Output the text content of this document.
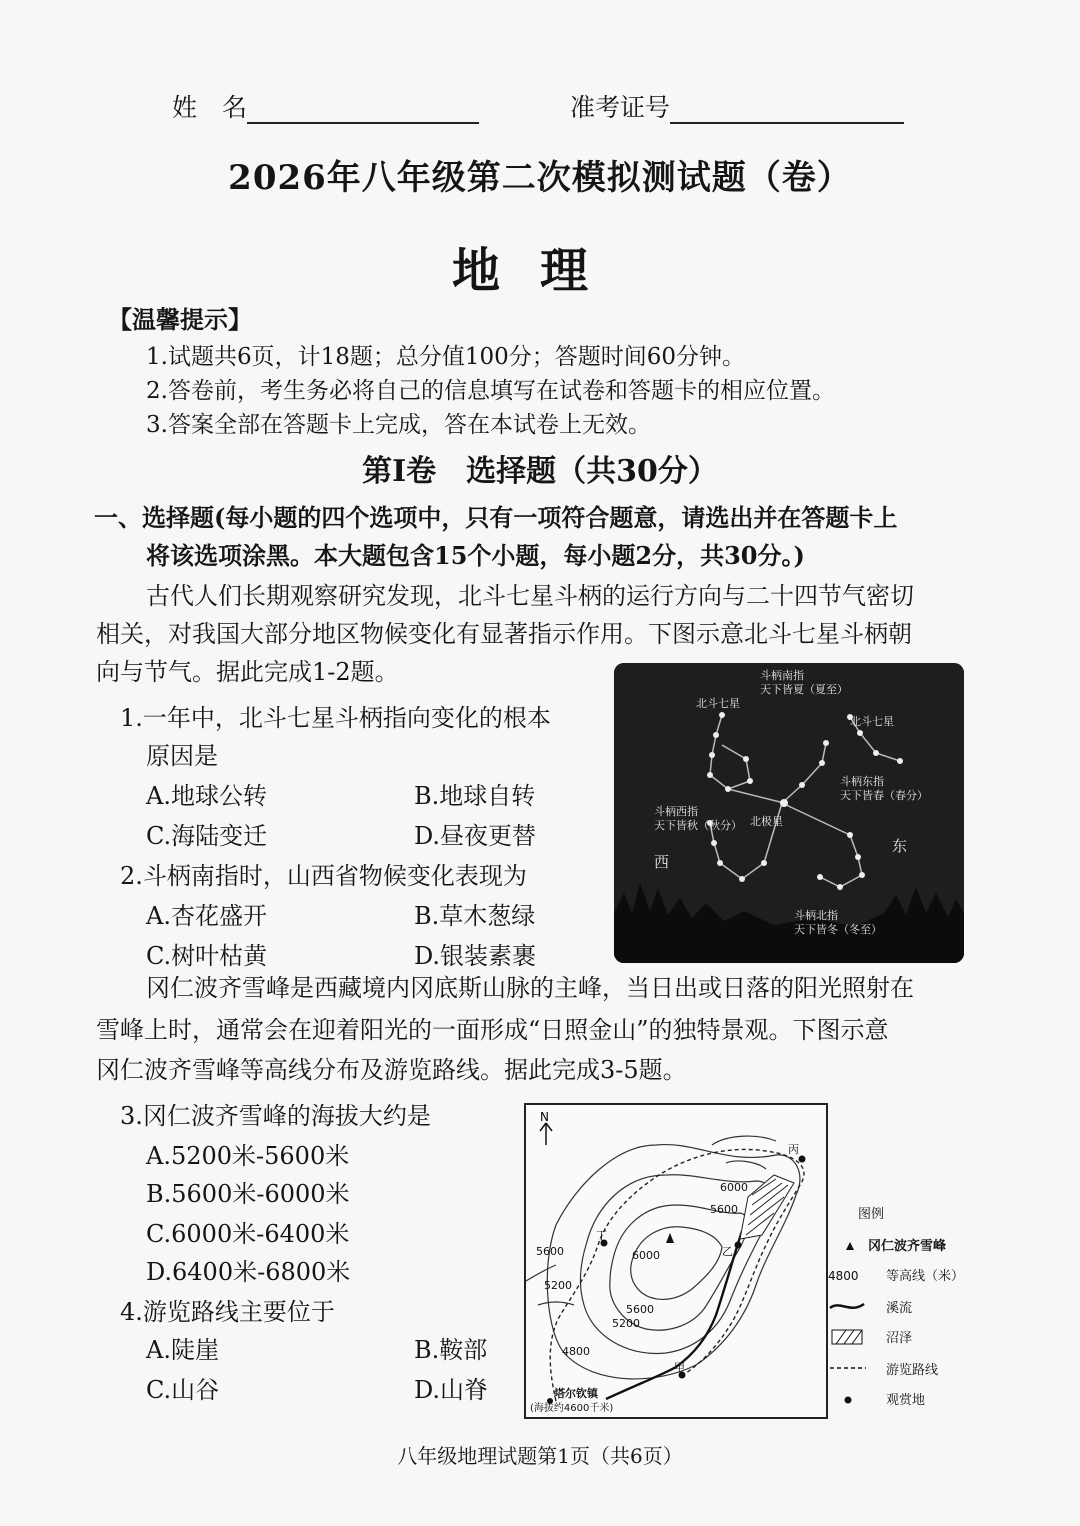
姓　名	准考证号
2026年八年级第二次模拟测试题（卷）
地理
【温馨提示】
1.试题共6页，计18题；总分值100分；答题时间60分钟。
2.答卷前，考生务必将自己的信息填写在试卷和答题卡的相应位置。
3.答案全部在答题卡上完成，答在本试卷上无效。
第I卷　选择题（共30分）
一、选择题(每小题的四个选项中，只有一项符合题意，请选出并在答题卡上
将该选项涂黑。本大题包含15个小题，每小题2分，共30分。)
古代人们长期观察研究发现，北斗七星斗柄的运行方向与二十四节气密切
相关，对我国大部分地区物候变化有显著指示作用。下图示意北斗七星斗柄朝
向与节气。据此完成1-2题。
1.一年中，北斗七星斗柄指向变化的根本
原因是
A.地球公转	B.地球自转
C.海陆变迁	D.昼夜更替
2.斗柄南指时，山西省物候变化表现为
A.杏花盛开	B.草木葱绿
C.树叶枯黄	D.银装素裹
北斗七星
斗柄南指
天下皆夏（夏至）
北斗七星
斗柄东指
天下皆春（春分）
斗柄西指
天下皆秋（秋分） 北极星
斗柄北指
天下皆冬（冬至）
西
东
冈仁波齐雪峰是西藏境内冈底斯山脉的主峰，当日出或日落的阳光照射在
雪峰上时，通常会在迎着阳光的一面形成“日照金山”的独特景观。下图示意
冈仁波齐雪峰等高线分布及游览路线。据此完成3-5题。
3.冈仁波齐雪峰的海拔大约是
A.5200米-5600米
B.5600米-6000米
C.6000米-6400米
D.6400米-6800米
4.游览路线主要位于
A.陡崖	B.鞍部
C.山谷	D.山脊
N
6000
5600
5600	6000
5200
5600
5200
4800
丙
丁
乙
甲
塔尔钦镇
(海拔约4600千米)
图例
冈仁波齐雪峰
4800 等高线（米）
溪流
沼泽
游览路线
观赏地
八年级地理试题第1页（共6页）
